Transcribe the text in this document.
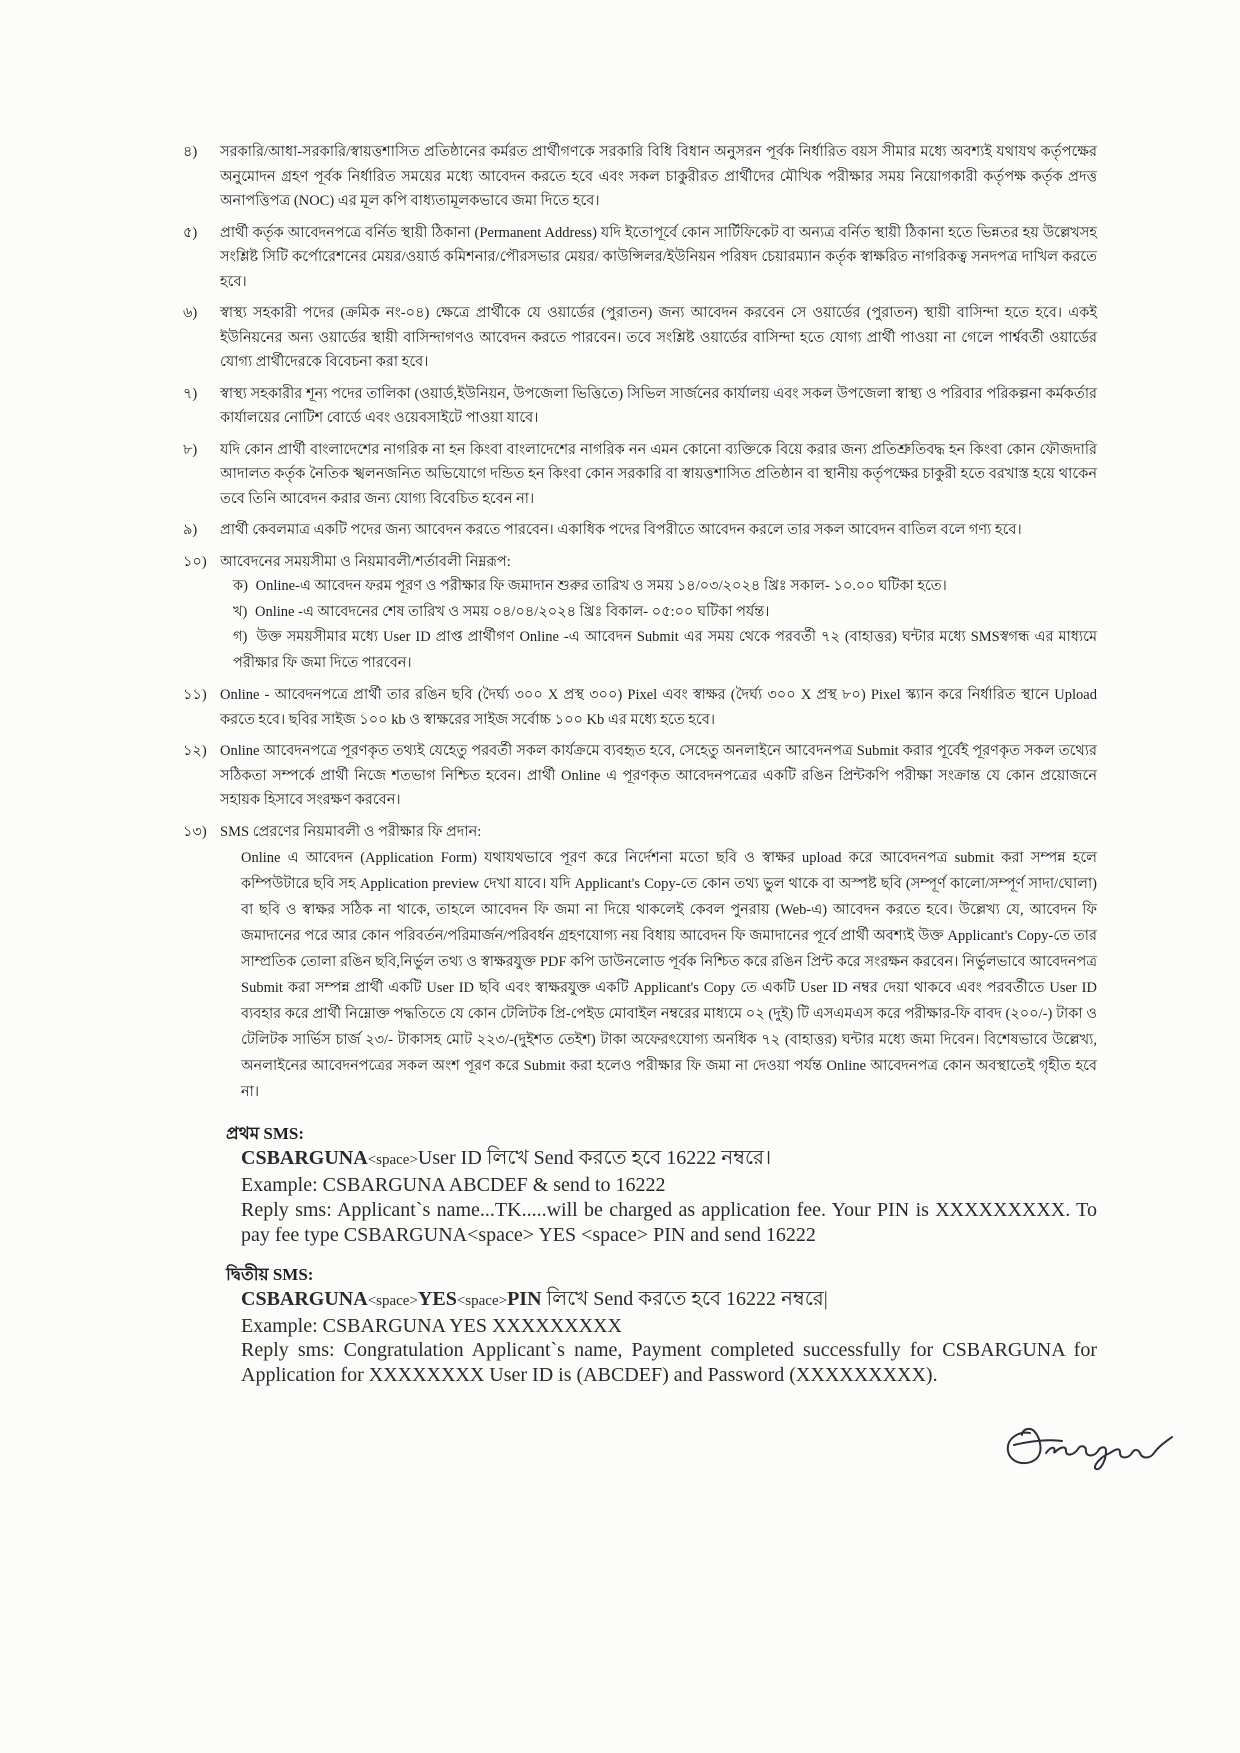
৪)	সরকারি/আধা-সরকারি/স্বায়ত্তশাসিত প্রতিষ্ঠানের কর্মরত প্রার্থীগণকে সরকারি বিধি বিধান অনুসরন পূর্বক নির্ধারিত বয়স সীমার মধ্যে অবশ্যই যথাযথ কর্তৃপক্ষের অনুমোদন গ্রহণ পূর্বক নির্ধারিত সময়ের মধ্যে আবেদন করতে হবে এবং সকল চাকুরীরত প্রার্থীদের মৌখিক পরীক্ষার সময় নিয়োগকারী কর্তৃপক্ষ কর্তৃক প্রদত্ত অনাপত্তিপত্র (NOC) এর মূল কপি বাধ্যতামূলকভাবে জমা দিতে হবে।
৫)	প্রার্থী কর্তৃক আবেদনপত্রে বর্নিত স্থায়ী ঠিকানা (Permanent Address) যদি ইতোপূর্বে কোন সার্টিফিকেট বা অন্যত্র বর্নিত স্থায়ী ঠিকানা হতে ভিন্নতর হয় উল্লেখসহ সংশ্লিষ্ট সিটি কর্পোরেশনের মেয়র/ওয়ার্ড কমিশনার/পৌরসভার মেয়র/ কাউন্সিলর/ইউনিয়ন পরিষদ চেয়ারম্যান কর্তৃক স্বাক্ষরিত নাগরিকত্ব সনদপত্র দাখিল করতে হবে।
৬)	স্বাস্থ্য সহকারী পদের (ক্রমিক নং-০৪) ক্ষেত্রে প্রার্থীকে যে ওয়ার্ডের (পুরাতন) জন্য আবেদন করবেন সে ওয়ার্ডের (পুরাতন) স্থায়ী বাসিন্দা হতে হবে। একই ইউনিয়নের অন্য ওয়ার্ডের স্থায়ী বাসিন্দাগণও আবেদন করতে পারবেন। তবে সংশ্লিষ্ট ওয়ার্ডের বাসিন্দা হতে যোগ্য প্রার্থী পাওয়া না গেলে পার্শ্ববর্তী ওয়ার্ডের যোগ্য প্রার্থীদেরকে বিবেচনা করা হবে।
৭)	স্বাস্থ্য সহকারীর শূন্য পদের তালিকা (ওয়ার্ড,ইউনিয়ন, উপজেলা ভিত্তিতে) সিভিল সার্জনের কার্যালয় এবং সকল উপজেলা স্বাস্থ্য ও পরিবার পরিকল্পনা কর্মকর্তার কার্যালয়ের নোটিশ বোর্ডে এবং ওয়েবসাইটে পাওয়া যাবে।
৮)	যদি কোন প্রার্থী বাংলাদেশের নাগরিক না হন কিংবা বাংলাদেশের নাগরিক নন এমন কোনো ব্যক্তিকে বিয়ে করার জন্য প্রতিশ্রুতিবদ্ধ হন কিংবা কোন ফৌজদারি আদালত কর্তৃক নৈতিক স্খলনজনিত অভিযোগে দন্ডিত হন কিংবা কোন সরকারি বা স্বায়ত্তশাসিত প্রতিষ্ঠান বা স্থানীয় কর্তৃপক্ষের চাকুরী হতে বরখাস্ত হয়ে থাকেন তবে তিনি আবেদন করার জন্য যোগ্য বিবেচিত হবেন না।
৯)	প্রার্থী কেবলমাত্র একটি পদের জন্য আবেদন করতে পারবেন। একাধিক পদের বিপরীতে আবেদন করলে তার সকল আবেদন বাতিল বলে গণ্য হবে।
১০) আবেদনের সময়সীমা ও নিয়মাবলী/শর্তাবলী নিম্নরূপ:
ক) Online-এ আবেদন ফরম পূরণ ও পরীক্ষার ফি জমাদান শুরুর তারিখ ও সময় ১৪/০৩/২০২৪ খ্রিঃ সকাল- ১০.০০ ঘটিকা হতে।
খ) Online -এ আবেদনের শেষ তারিখ ও সময় ০৪/০৪/২০২৪ খ্রিঃ বিকাল- ০৫:০০ ঘটিকা পর্যন্ত।
গ) উক্ত সময়সীমার মধ্যে User ID প্রাপ্ত প্রার্থীগণ Online -এ আবেদন Submit এর সময় থেকে পরবর্তী ৭২ (বাহাত্তর) ঘন্টার মধ্যে SMSস্বগন্ধ এর মাধ্যমে পরীক্ষার ফি জমা দিতে পারবেন।
১১) Online - আবেদনপত্রে প্রার্থী তার রঙিন ছবি (দৈর্ঘ্য ৩০০ X প্রস্থ ৩০০) Pixel এবং স্বাক্ষর (দৈর্ঘ্য ৩০০ X প্রস্থ ৮০) Pixel স্ক্যান করে নির্ধারিত স্থানে Upload করতে হবে। ছবির সাইজ ১০০ kb ও স্বাক্ষরের সাইজ সর্বোচ্চ ১০০ Kb এর মধ্যে হতে হবে।
১২) Online আবেদনপত্রে পূরণকৃত তথ্যই যেহেতু পরবর্তী সকল কার্যক্রমে ব্যবহৃত হবে, সেহেতু অনলাইনে আবেদনপত্র Submit করার পূর্বেই পূরণকৃত সকল তথ্যের সঠিকতা সম্পর্কে প্রার্থী নিজে শতভাগ নিশ্চিত হবেন। প্রার্থী Online এ পূরণকৃত আবেদনপত্রের একটি রঙিন প্রিন্টকপি পরীক্ষা সংক্রান্ত যে কোন প্রয়োজনে সহায়ক হিসাবে সংরক্ষণ করবেন।
১৩) SMS প্রেরণের নিয়মাবলী ও পরীক্ষার ফি প্রদান:
Online এ আবেদন (Application Form) যথাযথভাবে পূরণ করে নির্দেশনা মতো ছবি ও স্বাক্ষর upload করে আবেদনপত্র submit করা সম্পন্ন হলে কম্পিউটারে ছবি সহ Application preview দেখা যাবে। যদি Applicant's Copy-তে কোন তথ্য ভুল থাকে বা অস্পষ্ট ছবি (সম্পূর্ণ কালো/সম্পূর্ণ সাদা/ঘোলা) বা ছবি ও স্বাক্ষর সঠিক না থাকে, তাহলে আবেদন ফি জমা না দিয়ে থাকলেই কেবল পুনরায় (Web-এ) আবেদন করতে হবে। উল্লেখ্য যে, আবেদন ফি জমাদানের পরে আর কোন পরিবর্তন/পরিমার্জন/পরিবর্ধন গ্রহণযোগ্য নয় বিধায় আবেদন ফি জমাদানের পূর্বে প্রার্থী অবশ্যই উক্ত Applicant's Copy-তে তার সাম্প্রতিক তোলা রঙিন ছবি,নির্ভুল তথ্য ও স্বাক্ষরযুক্ত PDF কপি ডাউনলোড পূর্বক নিশ্চিত করে রঙিন প্রিন্ট করে সংরক্ষন করবেন। নির্ভুলভাবে আবেদনপত্র Submit করা সম্পন্ন প্রার্থী একটি User ID ছবি এবং স্বাক্ষরযুক্ত একটি Applicant's Copy তে একটি User ID নম্বর দেয়া থাকবে এবং পরবর্তীতে User ID ব্যবহার করে প্রার্থী নিম্নোক্ত পদ্ধতিতে যে কোন টেলিটক প্রি-পেইড মোবাইল নম্বরের মাধ্যমে ০২ (দুই) টি এসএমএস করে পরীক্ষার-ফি বাবদ (২০০/-) টাকা ও টেলিটক সার্ভিস চার্জ ২৩/- টাকাসহ মোট ২২৩/-(দুইশত তেইশ) টাকা অফেরৎযোগ্য অনধিক ৭২ (বাহাত্তর) ঘন্টার মধ্যে জমা দিবেন। বিশেষভাবে উল্লেখ্য, অনলাইনের আবেদনপত্রের সকল অংশ পূরণ করে Submit করা হলেও পরীক্ষার ফি জমা না দেওয়া পর্যন্ত Online আবেদনপত্র কোন অবস্থাতেই গৃহীত হবে না।
প্রথম SMS:
CSBARGUNA<space>User ID লিখে Send করতে হবে 16222 নম্বরে।
Example: CSBARGUNA ABCDEF & send to 16222
Reply sms: Applicant`s name...TK.....will be charged as application fee. Your PIN is XXXXXXXXX. To pay fee type CSBARGUNA<space> YES <space> PIN and send 16222
দ্বিতীয় SMS:
CSBARGUNA<space>YES<space>PIN লিখে Send করতে হবে 16222 নম্বরে|
Example: CSBARGUNA YES XXXXXXXXX
Reply sms: Congratulation Applicant`s name, Payment completed successfully for CSBARGUNA for Application for XXXXXXXX User ID is (ABCDEF) and Password (XXXXXXXXX).
